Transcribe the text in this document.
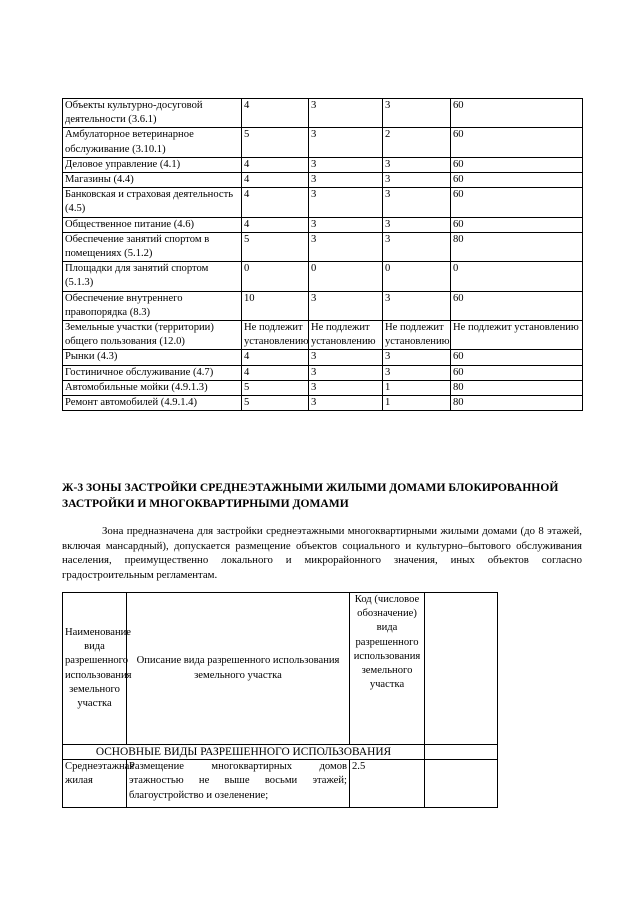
Объекты культурно-досуговой деятельности (3.6.1)	4	3	3	60
Амбулаторное ветеринарное обслуживание (3.10.1)	5	3	2	60
Деловое управление (4.1)	4	3	3	60
Магазины (4.4)	4	3	3	60
Банковская и страховая деятельность (4.5)	4	3	3	60
Общественное питание (4.6)	4	3	3	60
Обеспечение занятий спортом в помещениях (5.1.2)	5	3	3	80
Площадки для занятий спортом (5.1.3)	0	0	0	0
Обеспечение внутреннего правопорядка (8.3)	10	3	3	60
Земельные участки (территории) общего пользования (12.0)	Не подлежит установлению	Не подлежит установлению	Не подлежит установлению	Не подлежит установлению
Рынки (4.3)	4	3	3	60
Гостиничное обслуживание (4.7)	4	3	3	60
Автомобильные мойки (4.9.1.3)	5	3	1	80
Ремонт автомобилей (4.9.1.4)	5	3	1	80
Ж-3 ЗОНЫ ЗАСТРОЙКИ СРЕДНЕЭТАЖНЫМИ ЖИЛЫМИ ДОМАМИ БЛОКИРОВАННОЙ ЗАСТРОЙКИ И МНОГОКВАРТИРНЫМИ ДОМАМИ
Зона предназначена для застройки среднеэтажными многоквартирными жилыми домами (до 8 этажей, включая мансардный), допускается размещение объектов социального и культурно–бытового обслуживания населения, преимущественно локального и микрорайонного значения, иных объектов согласно градостроительным регламентам.
Наименование вида разрешенного использования земельного участка	Описание вида разрешенного использования земельного участка	Код (числовое обозначение) вида разрешенного использования земельного участка	
ОСНОВНЫЕ ВИДЫ РАЗРЕШЕННОГО ИСПОЛЬЗОВАНИЯ			
Среднеэтажная жилая	Размещение многоквартирных домов этажностью не выше восьми этажей; благоустройство и озеленение;	2.5	
